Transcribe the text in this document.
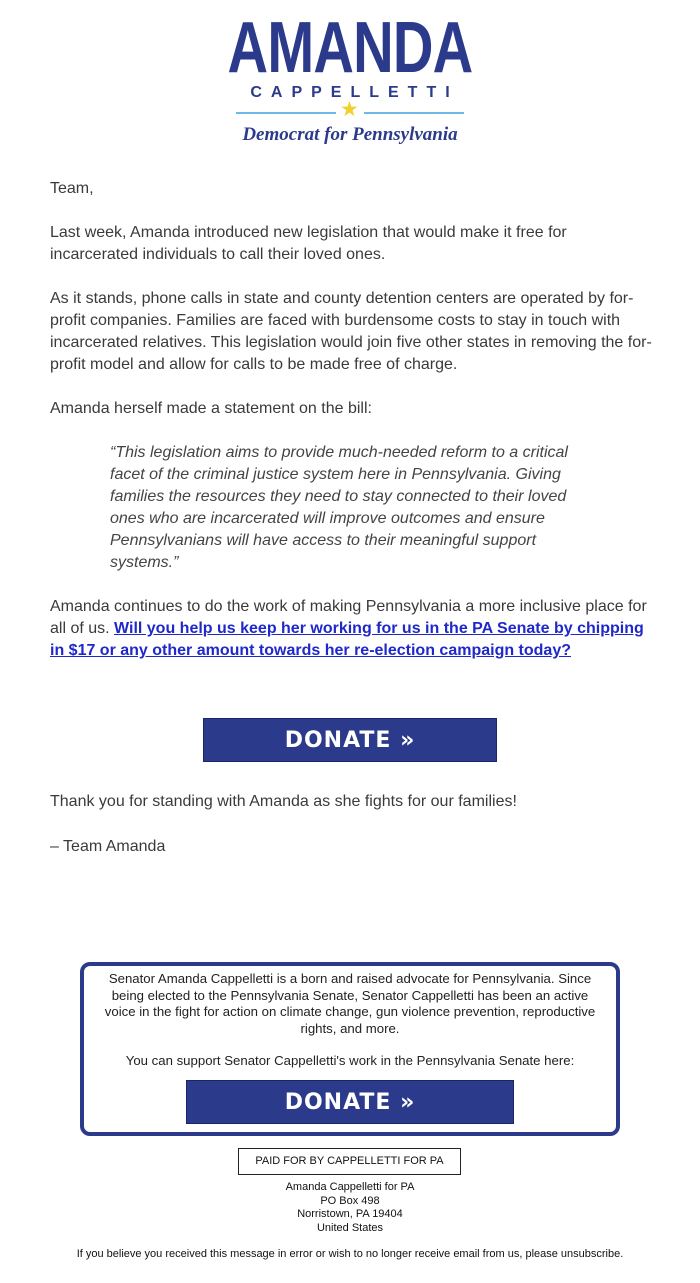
AMANDA
CAPPELLETTI
★
Democrat for Pennsylvania

Team,

Last week, Amanda introduced new legislation that would make it free for incarcerated individuals to call their loved ones.

As it stands, phone calls in state and county detention centers are operated by for-profit companies. Families are faced with burdensome costs to stay in touch with incarcerated relatives. This legislation would join five other states in removing the for-profit model and allow for calls to be made free of charge.

Amanda herself made a statement on the bill:

“This legislation aims to provide much-needed reform to a critical facet of the criminal justice system here in Pennsylvania. Giving families the resources they need to stay connected to their loved ones who are incarcerated will improve outcomes and ensure Pennsylvanians will have access to their meaningful support systems.”

Amanda continues to do the work of making Pennsylvania a more inclusive place for all of us. Will you help us keep her working for us in the PA Senate by chipping in $17 or any other amount towards her re-election campaign today?

DONATE »

Thank you for standing with Amanda as she fights for our families!

– Team Amanda

Senator Amanda Cappelletti is a born and raised advocate for Pennsylvania. Since being elected to the Pennsylvania Senate, Senator Cappelletti has been an active voice in the fight for action on climate change, gun violence prevention, reproductive rights, and more.

You can support Senator Cappelletti's work in the Pennsylvania Senate here:

DONATE »
PAID FOR BY CAPPELLETTI FOR PA
Amanda Cappelletti for PA
PO Box 498
Norristown, PA 19404
United States
If you believe you received this message in error or wish to no longer receive email from us, please unsubscribe.
